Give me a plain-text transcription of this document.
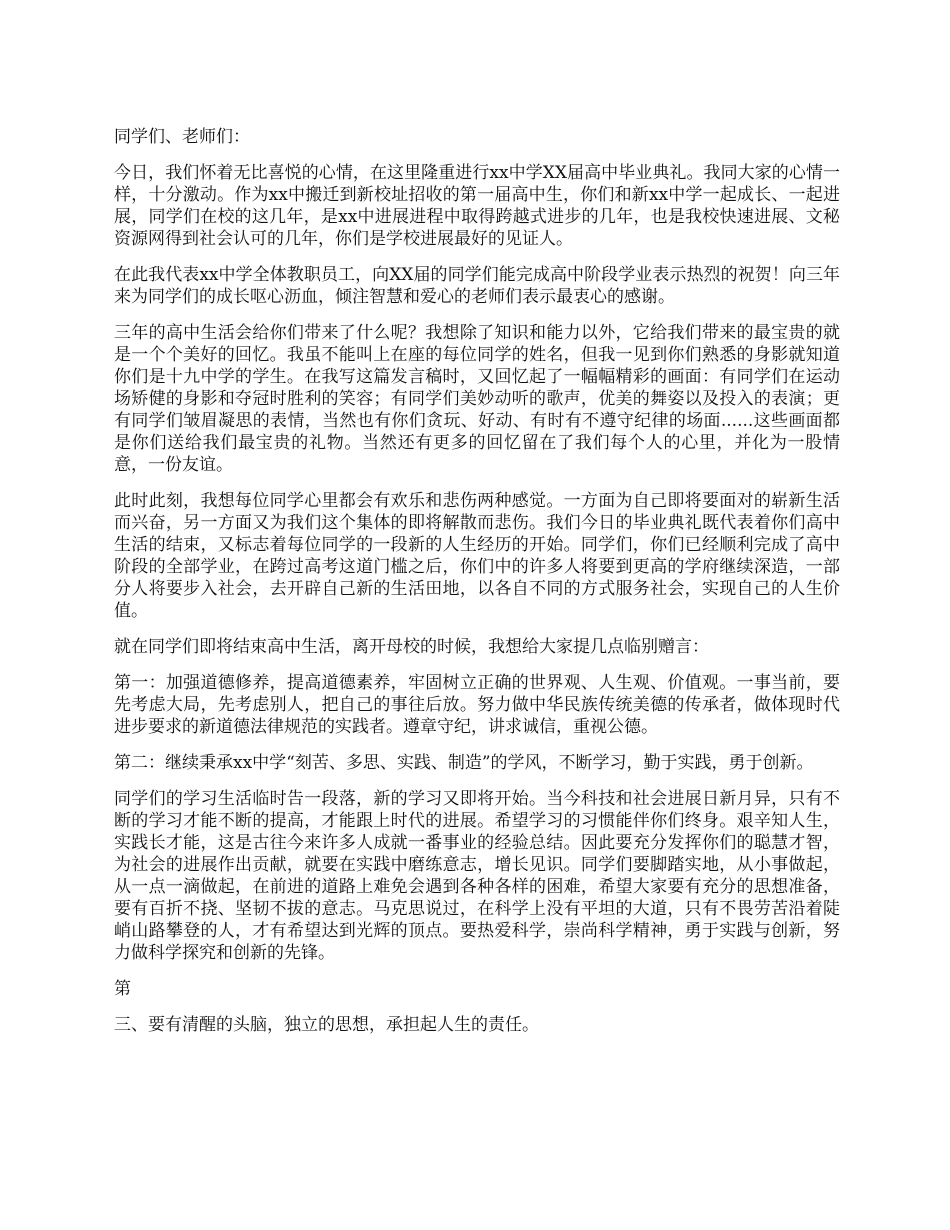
同学们、老师们：

今日，我们怀着无比喜悦的心情，在这里隆重进行xx中学XX届高中毕业典礼。我同大家的心情一样，十分激动。作为xx中搬迁到新校址招收的第一届高中生，你们和新xx中学一起成长、一起进展，同学们在校的这几年，是xx中进展进程中取得跨越式进步的几年，也是我校快速进展、文秘资源网得到社会认可的几年，你们是学校进展最好的见证人。

在此我代表xx中学全体教职员工，向XX届的同学们能完成高中阶段学业表示热烈的祝贺！向三年来为同学们的成长呕心沥血，倾注智慧和爱心的老师们表示最衷心的感谢。

三年的高中生活会给你们带来了什么呢？我想除了知识和能力以外，它给我们带来的最宝贵的就是一个个美好的回忆。我虽不能叫上在座的每位同学的姓名，但我一见到你们熟悉的身影就知道你们是十九中学的学生。在我写这篇发言稿时，又回忆起了一幅幅精彩的画面：有同学们在运动场矫健的身影和夺冠时胜利的笑容；有同学们美妙动听的歌声，优美的舞姿以及投入的表演；更有同学们皱眉凝思的表情，当然也有你们贪玩、好动、有时有不遵守纪律的场面......这些画面都是你们送给我们最宝贵的礼物。当然还有更多的回忆留在了我们每个人的心里，并化为一股情意，一份友谊。

此时此刻，我想每位同学心里都会有欢乐和悲伤两种感觉。一方面为自己即将要面对的崭新生活而兴奋，另一方面又为我们这个集体的即将解散而悲伤。我们今日的毕业典礼既代表着你们高中生活的结束，又标志着每位同学的一段新的人生经历的开始。同学们，你们已经顺利完成了高中阶段的全部学业，在跨过高考这道门槛之后，你们中的许多人将要到更高的学府继续深造，一部分人将要步入社会，去开辟自己新的生活田地，以各自不同的方式服务社会，实现自己的人生价值。

就在同学们即将结束高中生活，离开母校的时候，我想给大家提几点临别赠言：

第一：加强道德修养，提高道德素养，牢固树立正确的世界观、人生观、价值观。一事当前，要先考虑大局，先考虑别人，把自己的事往后放。努力做中华民族传统美德的传承者，做体现时代进步要求的新道德法律规范的实践者。遵章守纪，讲求诚信，重视公德。

第二：继续秉承xx中学“刻苦、多思、实践、制造”的学风，不断学习，勤于实践，勇于创新。

同学们的学习生活临时告一段落，新的学习又即将开始。当今科技和社会进展日新月异，只有不断的学习才能不断的提高，才能跟上时代的进展。希望学习的习惯能伴你们终身。艰辛知人生，实践长才能，这是古往今来许多人成就一番事业的经验总结。因此要充分发挥你们的聪慧才智，为社会的进展作出贡献，就要在实践中磨练意志，增长见识。同学们要脚踏实地，从小事做起，从一点一滴做起，在前进的道路上难免会遇到各种各样的困难，希望大家要有充分的思想准备，要有百折不挠、坚韧不拔的意志。马克思说过，在科学上没有平坦的大道，只有不畏劳苦沿着陡峭山路攀登的人，才有希望达到光辉的顶点。要热爱科学，崇尚科学精神，勇于实践与创新，努力做科学探究和创新的先锋。

第

三、要有清醒的头脑，独立的思想，承担起人生的责任。
